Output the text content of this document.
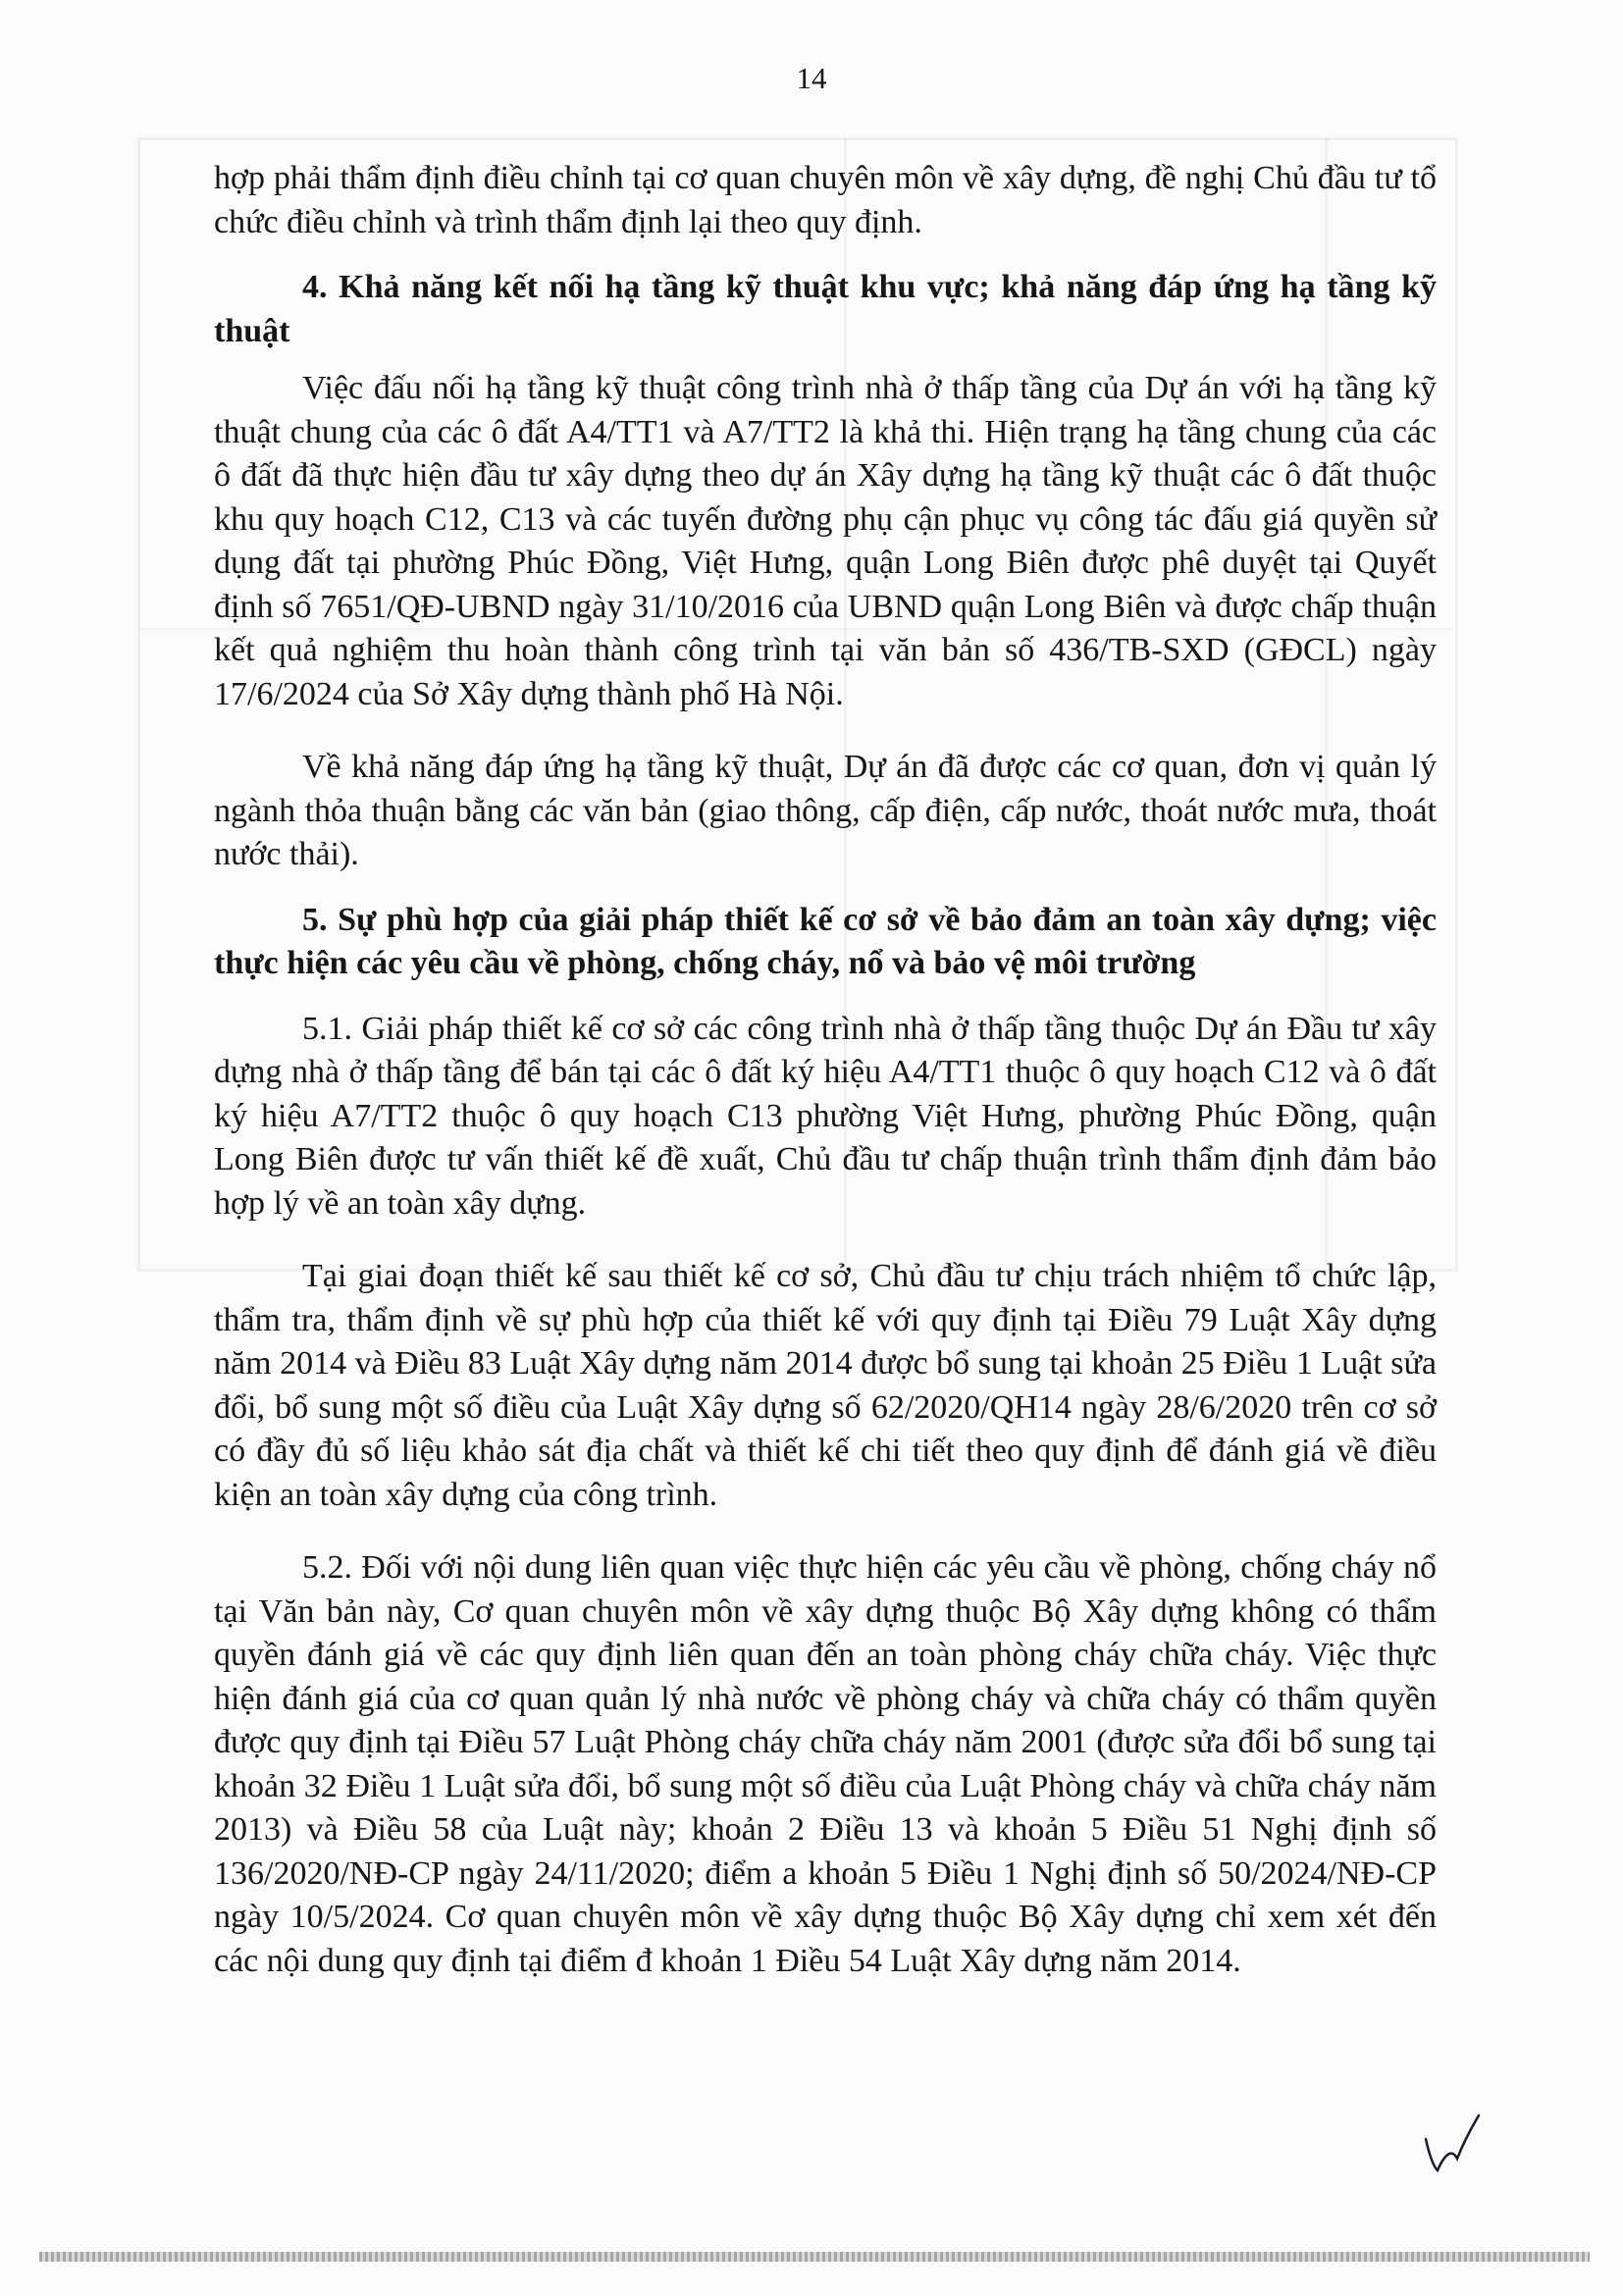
14

hợp phải thẩm định điều chỉnh tại cơ quan chuyên môn về xây dựng, đề nghị Chủ đầu tư tổ chức điều chỉnh và trình thẩm định lại theo quy định.

4. Khả năng kết nối hạ tầng kỹ thuật khu vực; khả năng đáp ứng hạ tầng kỹ thuật

Việc đấu nối hạ tầng kỹ thuật công trình nhà ở thấp tầng của Dự án với hạ tầng kỹ thuật chung của các ô đất A4/TT1 và A7/TT2 là khả thi. Hiện trạng hạ tầng chung của các ô đất đã thực hiện đầu tư xây dựng theo dự án Xây dựng hạ tầng kỹ thuật các ô đất thuộc khu quy hoạch C12, C13 và các tuyến đường phụ cận phục vụ công tác đấu giá quyền sử dụng đất tại phường Phúc Đồng, Việt Hưng, quận Long Biên được phê duyệt tại Quyết định số 7651/QĐ-UBND ngày 31/10/2016 của UBND quận Long Biên và được chấp thuận kết quả nghiệm thu hoàn thành công trình tại văn bản số 436/TB-SXD (GĐCL) ngày 17/6/2024 của Sở Xây dựng thành phố Hà Nội.

Về khả năng đáp ứng hạ tầng kỹ thuật, Dự án đã được các cơ quan, đơn vị quản lý ngành thỏa thuận bằng các văn bản (giao thông, cấp điện, cấp nước, thoát nước mưa, thoát nước thải).

5. Sự phù hợp của giải pháp thiết kế cơ sở về bảo đảm an toàn xây dựng; việc thực hiện các yêu cầu về phòng, chống cháy, nổ và bảo vệ môi trường

5.1. Giải pháp thiết kế cơ sở các công trình nhà ở thấp tầng thuộc Dự án Đầu tư xây dựng nhà ở thấp tầng để bán tại các ô đất ký hiệu A4/TT1 thuộc ô quy hoạch C12 và ô đất ký hiệu A7/TT2 thuộc ô quy hoạch C13 phường Việt Hưng, phường Phúc Đồng, quận Long Biên được tư vấn thiết kế đề xuất, Chủ đầu tư chấp thuận trình thẩm định đảm bảo hợp lý về an toàn xây dựng.

Tại giai đoạn thiết kế sau thiết kế cơ sở, Chủ đầu tư chịu trách nhiệm tổ chức lập, thẩm tra, thẩm định về sự phù hợp của thiết kế với quy định tại Điều 79 Luật Xây dựng năm 2014 và Điều 83 Luật Xây dựng năm 2014 được bổ sung tại khoản 25 Điều 1 Luật sửa đổi, bổ sung một số điều của Luật Xây dựng số 62/2020/QH14 ngày 28/6/2020 trên cơ sở có đầy đủ số liệu khảo sát địa chất và thiết kế chi tiết theo quy định để đánh giá về điều kiện an toàn xây dựng của công trình.

5.2. Đối với nội dung liên quan việc thực hiện các yêu cầu về phòng, chống cháy nổ tại Văn bản này, Cơ quan chuyên môn về xây dựng thuộc Bộ Xây dựng không có thẩm quyền đánh giá về các quy định liên quan đến an toàn phòng cháy chữa cháy. Việc thực hiện đánh giá của cơ quan quản lý nhà nước về phòng cháy và chữa cháy có thẩm quyền được quy định tại Điều 57 Luật Phòng cháy chữa cháy năm 2001 (được sửa đổi bổ sung tại khoản 32 Điều 1 Luật sửa đổi, bổ sung một số điều của Luật Phòng cháy và chữa cháy năm 2013) và Điều 58 của Luật này; khoản 2 Điều 13 và khoản 5 Điều 51 Nghị định số 136/2020/NĐ-CP ngày 24/11/2020; điểm a khoản 5 Điều 1 Nghị định số 50/2024/NĐ-CP ngày 10/5/2024. Cơ quan chuyên môn về xây dựng thuộc Bộ Xây dựng chỉ xem xét đến các nội dung quy định tại điểm đ khoản 1 Điều 54 Luật Xây dựng năm 2014.
